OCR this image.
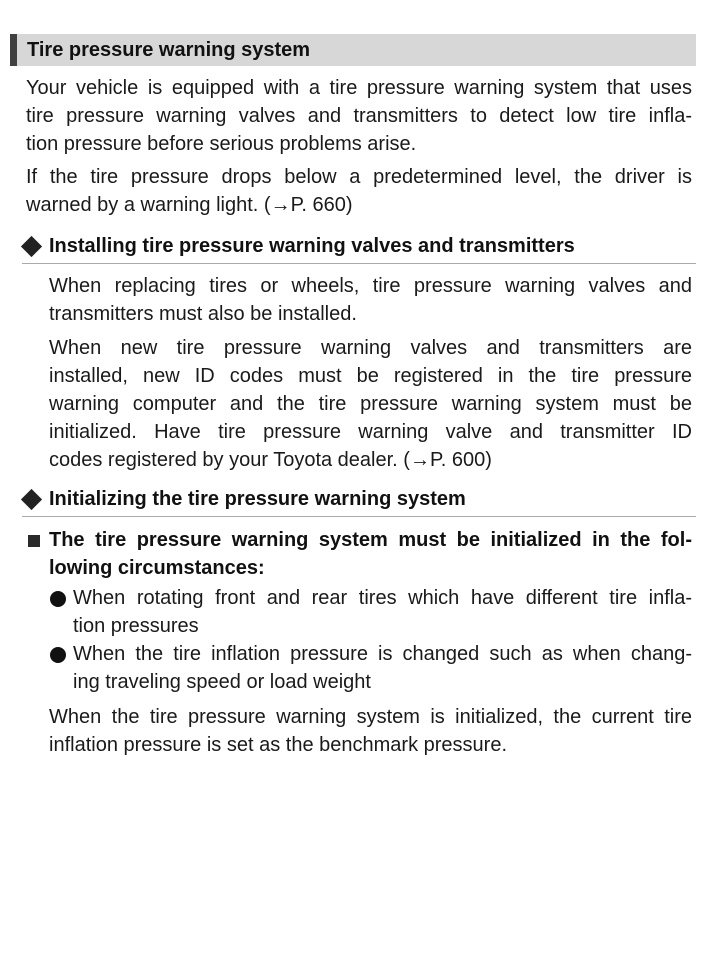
Tire pressure warning system
Your vehicle is equipped with a tire pressure warning system that uses
tire pressure warning valves and transmitters to detect low tire infla-
tion pressure before serious problems arise.
If the tire pressure drops below a predetermined level, the driver is
warned by a warning light. (→P. 660)
Installing tire pressure warning valves and transmitters
When replacing tires or wheels, tire pressure warning valves and
transmitters must also be installed.
When new tire pressure warning valves and transmitters are
installed, new ID codes must be registered in the tire pressure
warning computer and the tire pressure warning system must be
initialized. Have tire pressure warning valve and transmitter ID
codes registered by your Toyota dealer. (→P. 600)
Initializing the tire pressure warning system
The tire pressure warning system must be initialized in the fol-
lowing circumstances:
When rotating front and rear tires which have different tire infla-
tion pressures
When the tire inflation pressure is changed such as when chang-
ing traveling speed or load weight
When the tire pressure warning system is initialized, the current tire
inflation pressure is set as the benchmark pressure.
